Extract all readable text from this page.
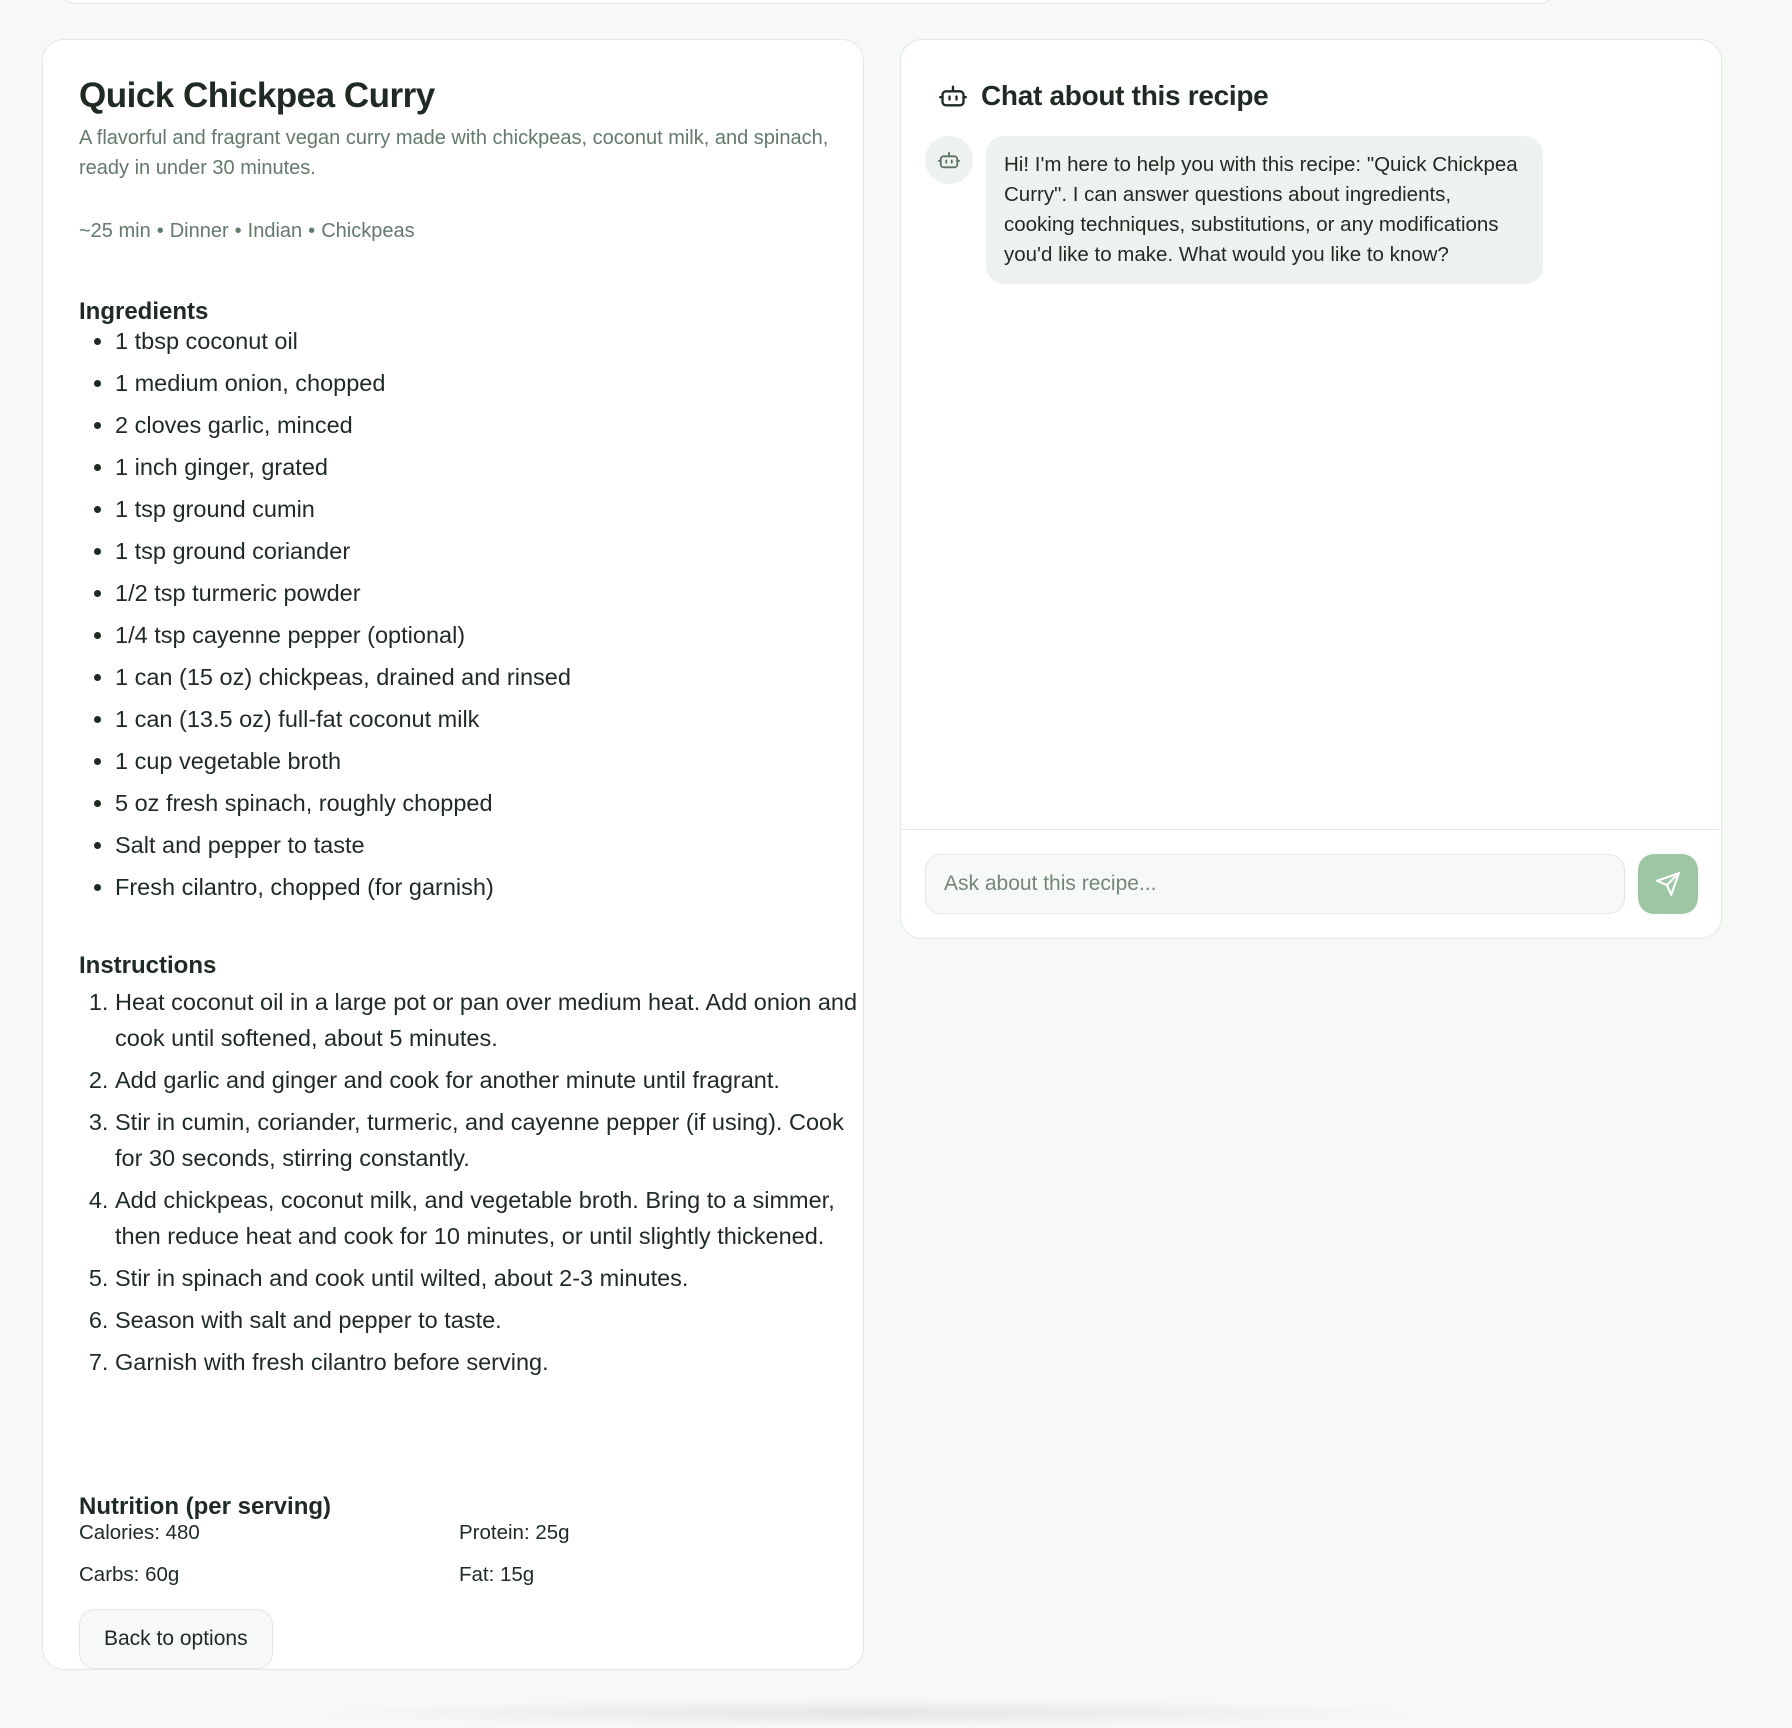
Quick Chickpea Curry
A flavorful and fragrant vegan curry made with chickpeas, coconut milk, and spinach, ready in under 30 minutes.
~25 min • Dinner • Indian • Chickpeas
Ingredients
• 1 tbsp coconut oil
• 1 medium onion, chopped
• 2 cloves garlic, minced
• 1 inch ginger, grated
• 1 tsp ground cumin
• 1 tsp ground coriander
• 1/2 tsp turmeric powder
• 1/4 tsp cayenne pepper (optional)
• 1 can (15 oz) chickpeas, drained and rinsed
• 1 can (13.5 oz) full-fat coconut milk
• 1 cup vegetable broth
• 5 oz fresh spinach, roughly chopped
• Salt and pepper to taste
• Fresh cilantro, chopped (for garnish)
Instructions
1. Heat coconut oil in a large pot or pan over medium heat. Add onion and cook until softened, about 5 minutes.
2. Add garlic and ginger and cook for another minute until fragrant.
3. Stir in cumin, coriander, turmeric, and cayenne pepper (if using). Cook for 30 seconds, stirring constantly.
4. Add chickpeas, coconut milk, and vegetable broth. Bring to a simmer, then reduce heat and cook for 10 minutes, or until slightly thickened.
5. Stir in spinach and cook until wilted, about 2-3 minutes.
6. Season with salt and pepper to taste.
7. Garnish with fresh cilantro before serving.
Nutrition (per serving)
Calories: 480	Protein: 25g
Carbs: 60g	Fat: 15g
Back to options
Chat about this recipe
Hi! I'm here to help you with this recipe: "Quick Chickpea Curry". I can answer questions about ingredients, cooking techniques, substitutions, or any modifications you'd like to make. What would you like to know?
Ask about this recipe...
